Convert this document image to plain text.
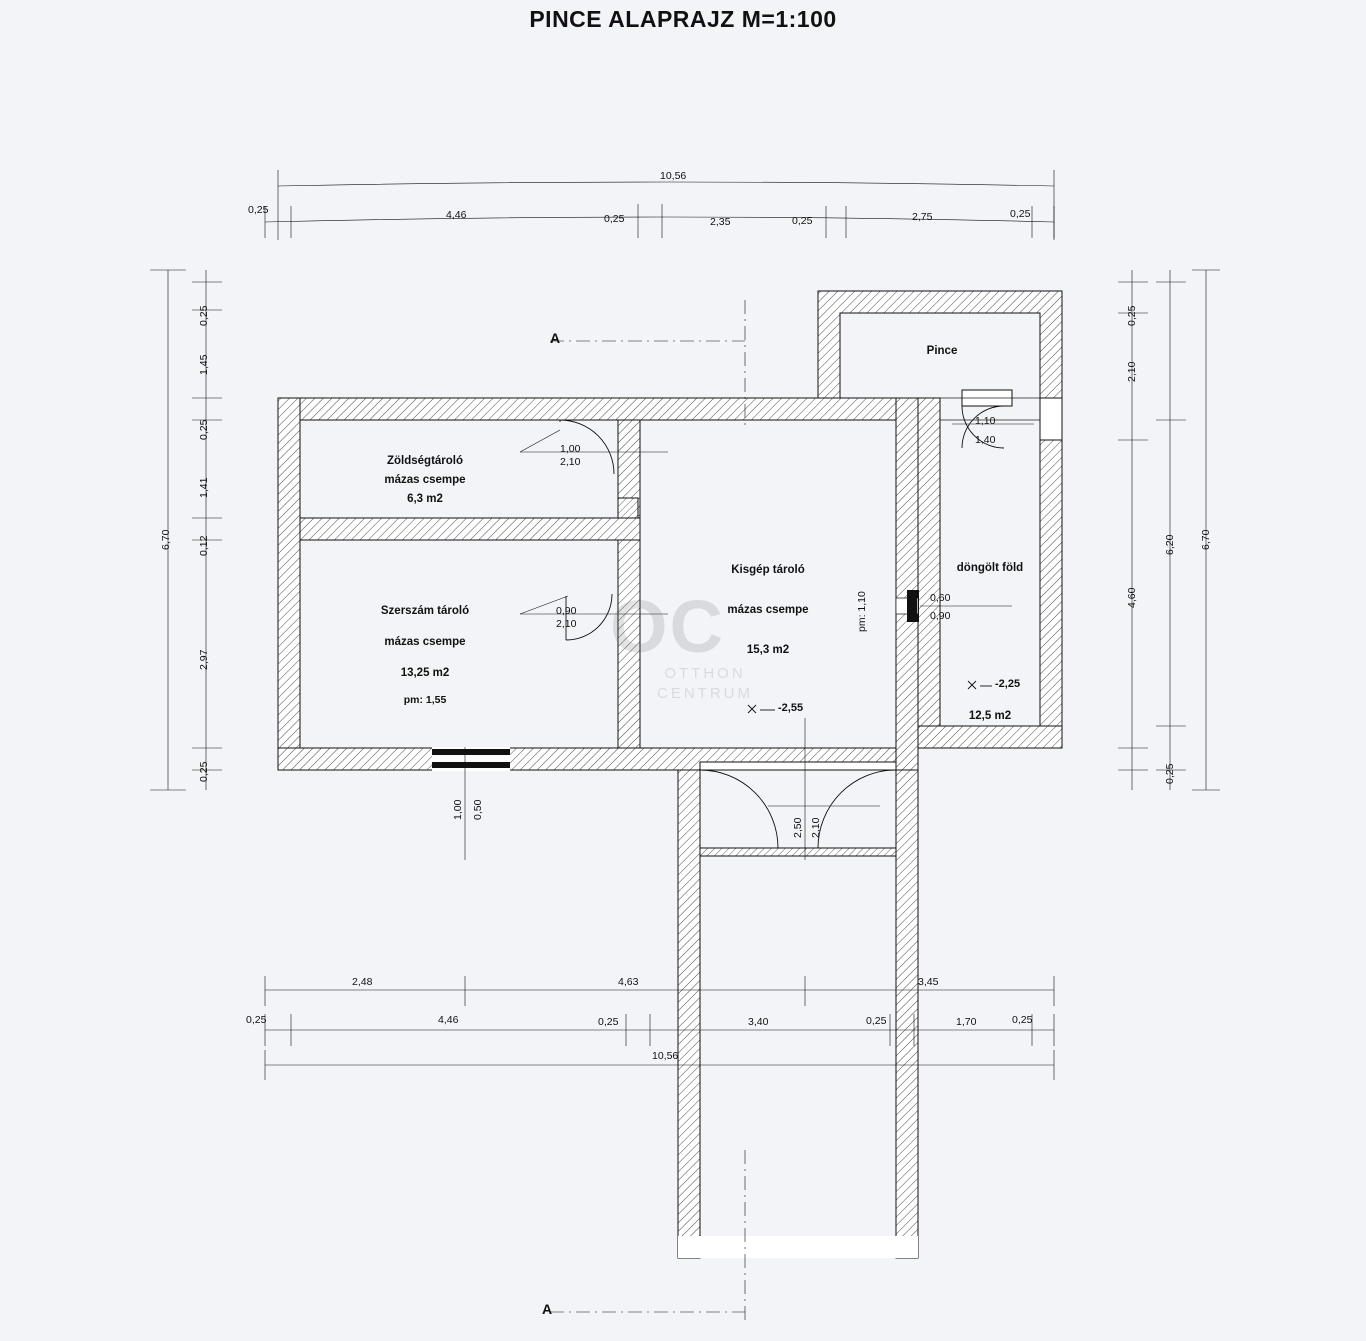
PINCE ALAPRAJZ M=1:100
Zöldségtároló
mázas csempe
6,3 m2
Szerszám tároló
mázas csempe
13,25 m2
pm: 1,55
Kisgép tároló
mázas csempe
15,3 m2
Pince
döngölt föld
12,5 m2
-2,55
-2,25
A
A
1,00
2,10
0,90
2,10
1,10
1,40
0,60
0,90
1,00 0,50
2,50 2,10
pm: 1,10
10,56
0,25	4,46	0,25	2,35	0,25	2,75	0,25
6,70
0,25
1,45
0,25
1,41
0,12
2,97
0,25
0,25
2,10
6,20
4,60
0,25
6,70
2,48	4,63	3,45
0,25	4,46	0,25	3,40	0,25	1,70	0,25
10,56
OC
OTTHON
CENTRUM
